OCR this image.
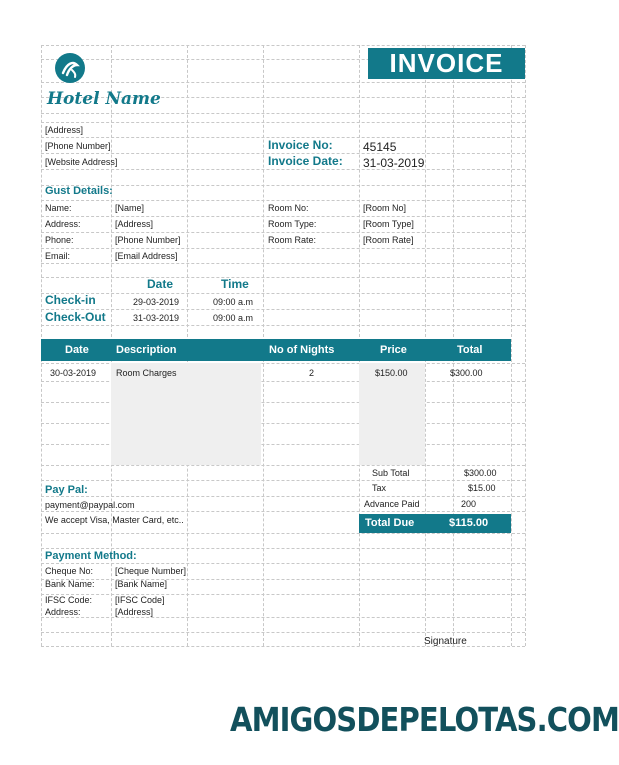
Hotel Name
INVOICE
[Address]
[Phone Number]
[Website Address]
Invoice No:	45145
Invoice Date: 31-03-2019
Gust Details:
Name:	[Name]
Address:	[Address]
Phone:	[Phone Number]
Email:	[Email Address]
Room No:	[Room No]
Room Type:	[Room Type]
Room Rate:	[Room Rate]
Date	Time
Check-in	29-03-2019	09:00 a.m
Check-Out	31-03-2019	09:00 a.m
Date Description	No of Nights	Price	Total
30-03-2019 Room Charges	2	$150.00	$300.00
Sub Total	$300.00
Tax	$15.00
Advance Paid	200
Total Due	$115.00
Pay Pal:
payment@paypal.com
We accept Visa, Master Card, etc..
Payment Method:
Cheque No: [Cheque Number]
Bank Name: [Bank Name]
IFSC Code:	[IFSC Code]
Address:	[Address]
Signature
AMIGOSDEPELOTAS.COM
